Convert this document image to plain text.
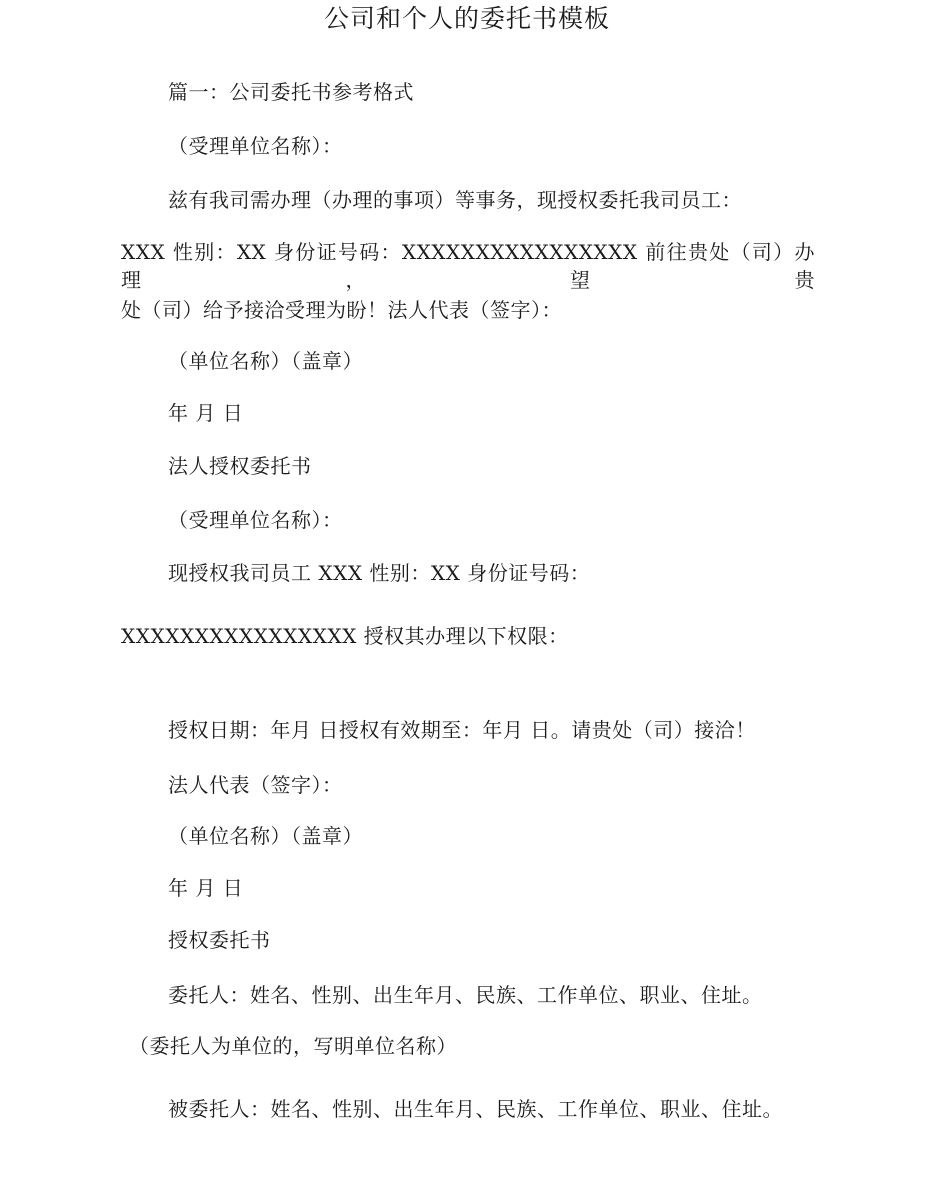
公司和个人的委托书模板
篇一：公司委托书参考格式
（受理单位名称）：
兹有我司需办理（办理的事项）等事务，现授权委托我司员工：
XXX 性别：XX 身份证号码：XXXXXXXXXXXXXXXX 前往贵处（司）办 理，望贵
处（司）给予接洽受理为盼！法人代表（签字）：
（单位名称）（盖章）
年 月 日
法人授权委托书
（受理单位名称）：
现授权我司员工 XXX 性别：XX 身份证号码：
XXXXXXXXXXXXXXXX 授权其办理以下权限：
授权日期：年月 日授权有效期至：年月 日。请贵处（司）接洽！
法人代表（签字）：
（单位名称）（盖章）
年 月 日
授权委托书
委托人：姓名、性别、出生年月、民族、工作单位、职业、住址。
（委托人为单位的，写明单位名称）
被委托人：姓名、性别、出生年月、民族、工作单位、职业、住址。
